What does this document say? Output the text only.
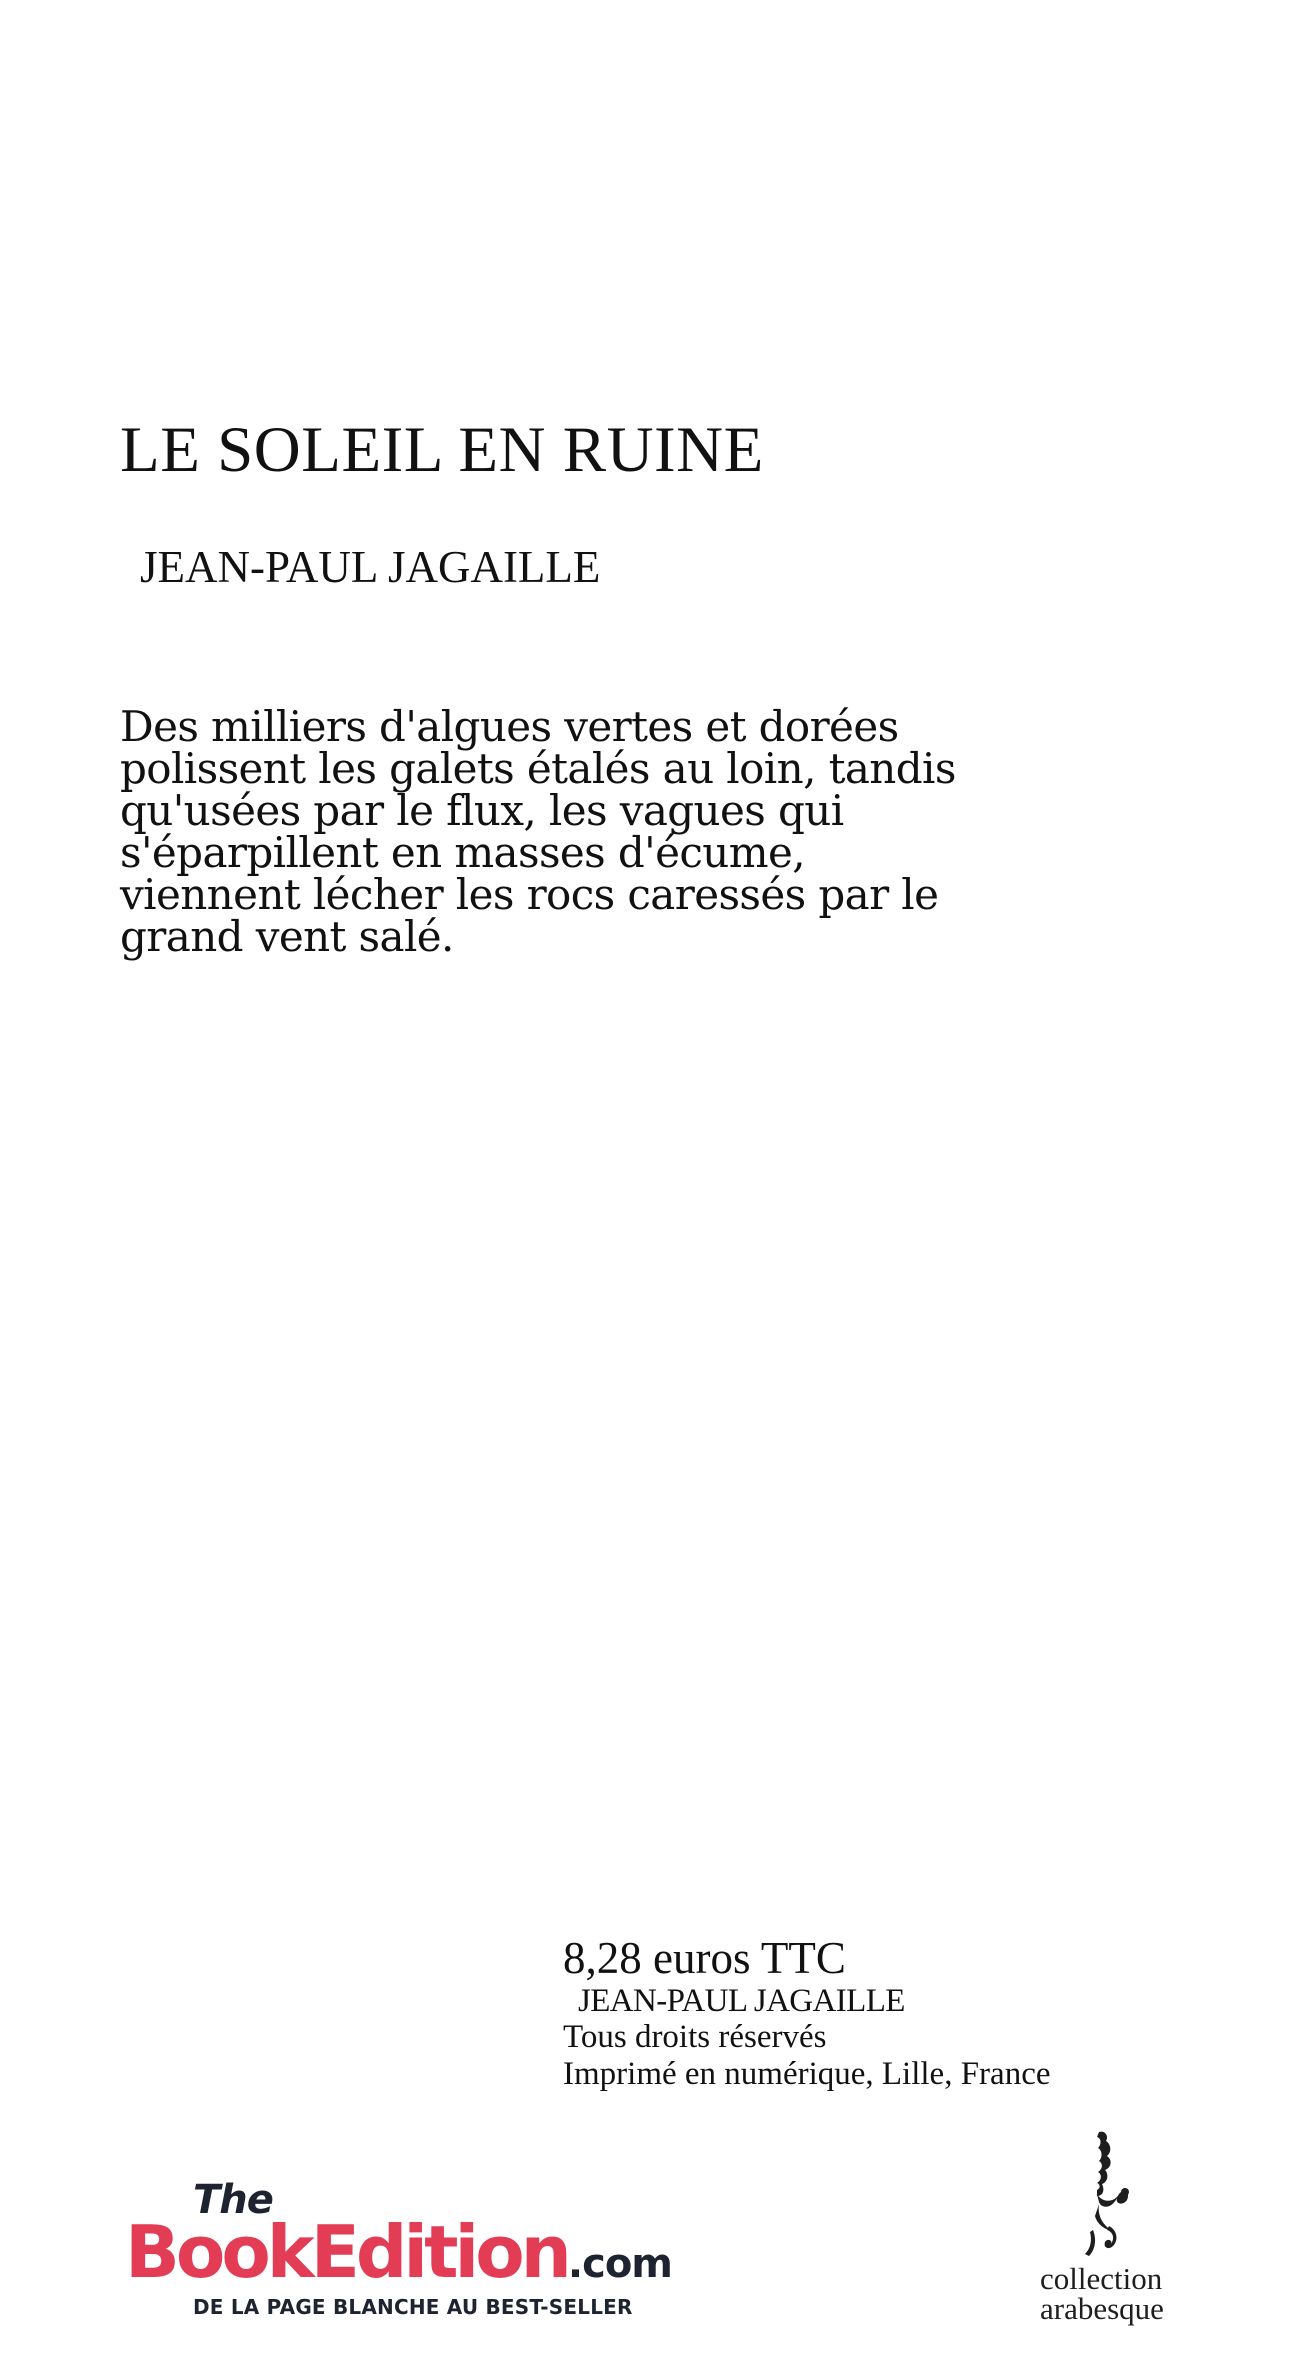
LE SOLEIL EN RUINE
JEAN-PAUL JAGAILLE
Des milliers d'algues vertes et dorées
polissent les galets étalés au loin, tandis
qu'usées par le flux, les vagues qui
s'éparpillent en masses d'écume,
viennent lécher les rocs caressés par le
grand vent salé.
8,28 euros TTC
JEAN-PAUL JAGAILLE
Tous droits réservés
Imprimé en numérique, Lille, France
The
BookEdition.com
DE LA PAGE BLANCHE AU BEST-SELLER
collection
arabesque
